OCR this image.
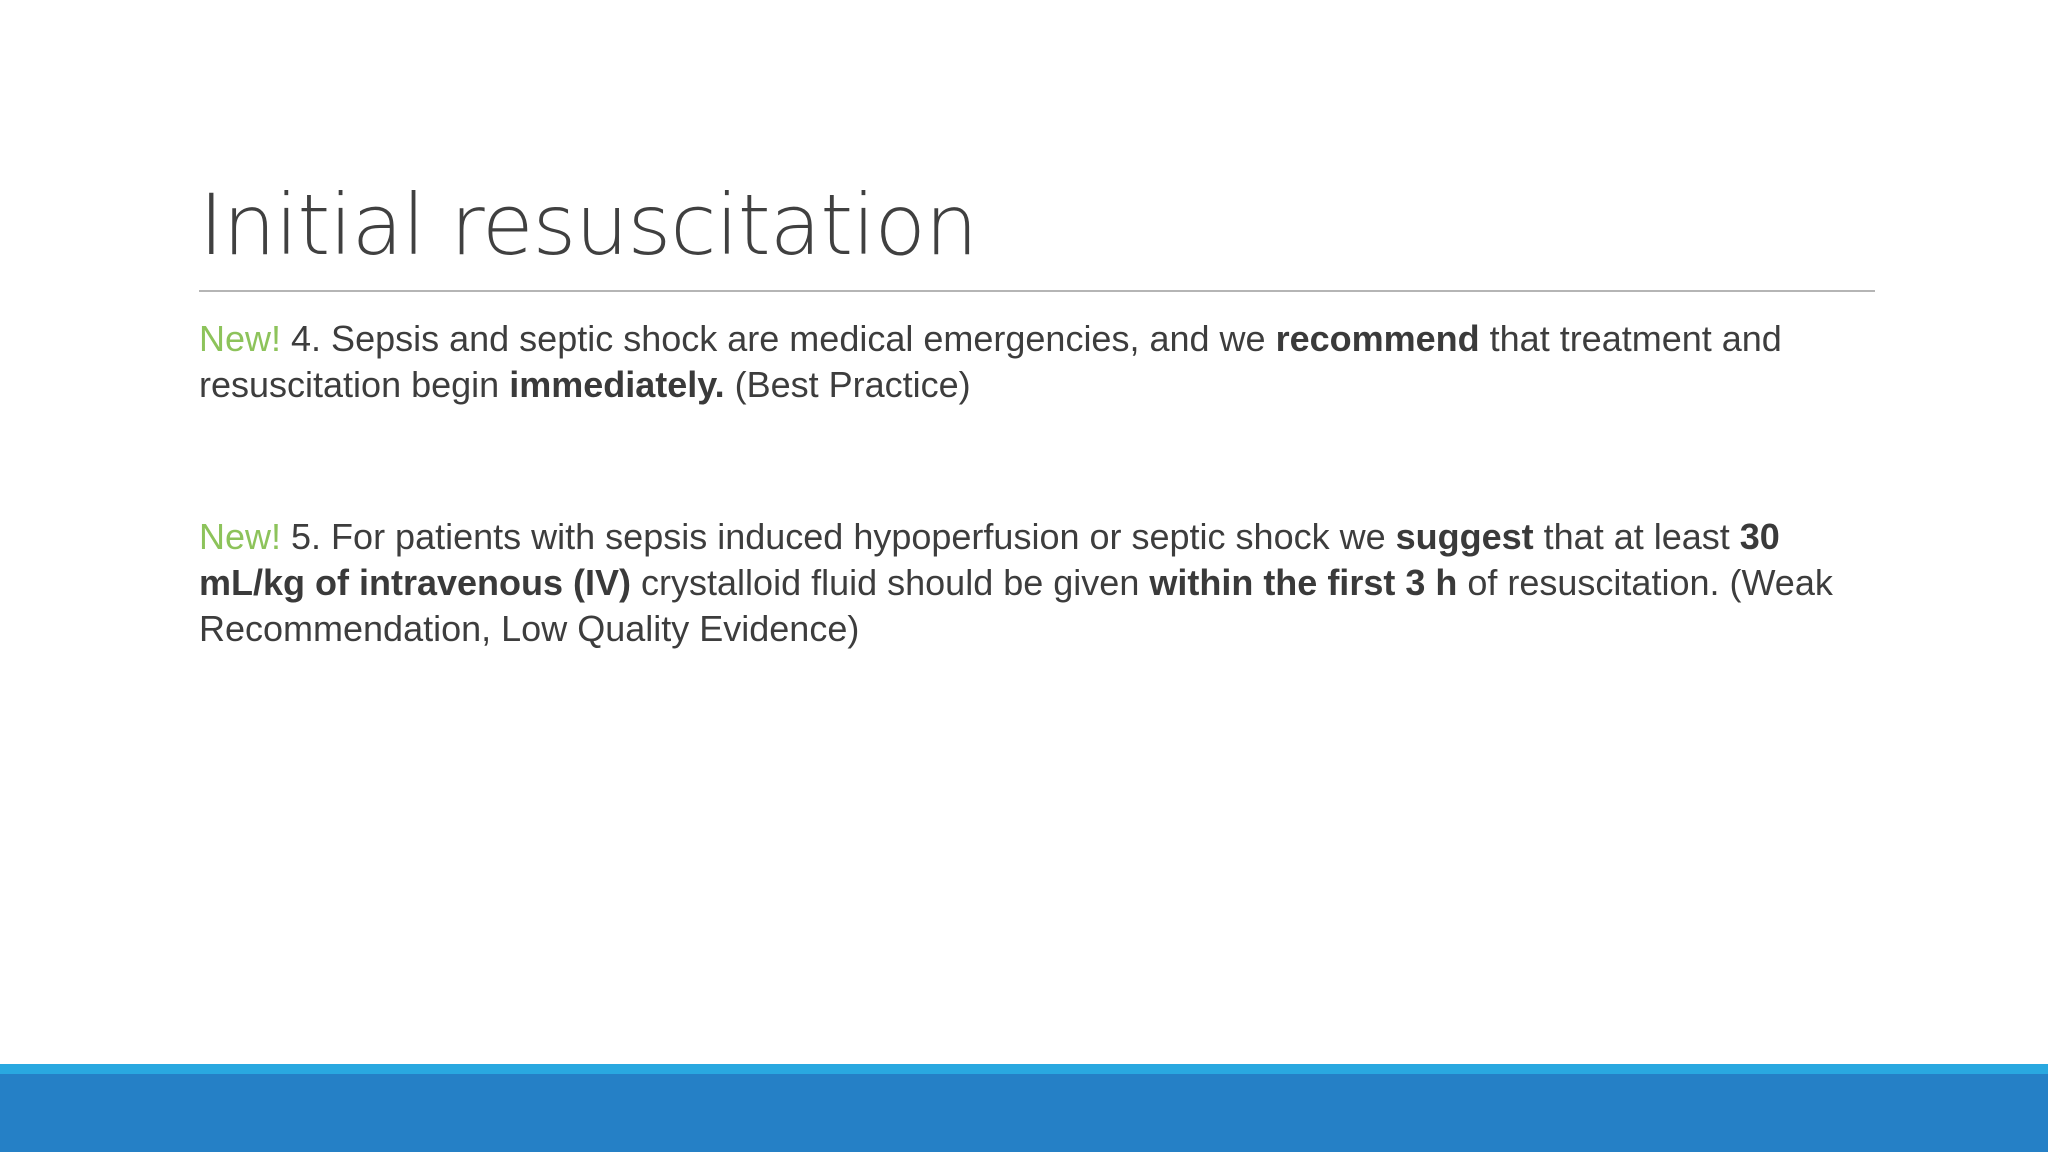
Initial resuscitation

New! 4. Sepsis and septic shock are medical emergencies, and we recommend that treatment and resuscitation begin immediately. (Best Practice)

New! 5. For patients with sepsis induced hypoperfusion or septic shock we suggest that at least 30 mL/kg of intravenous (IV) crystalloid fluid should be given within the first 3 h of resuscitation. (Weak Recommendation, Low Quality Evidence)
